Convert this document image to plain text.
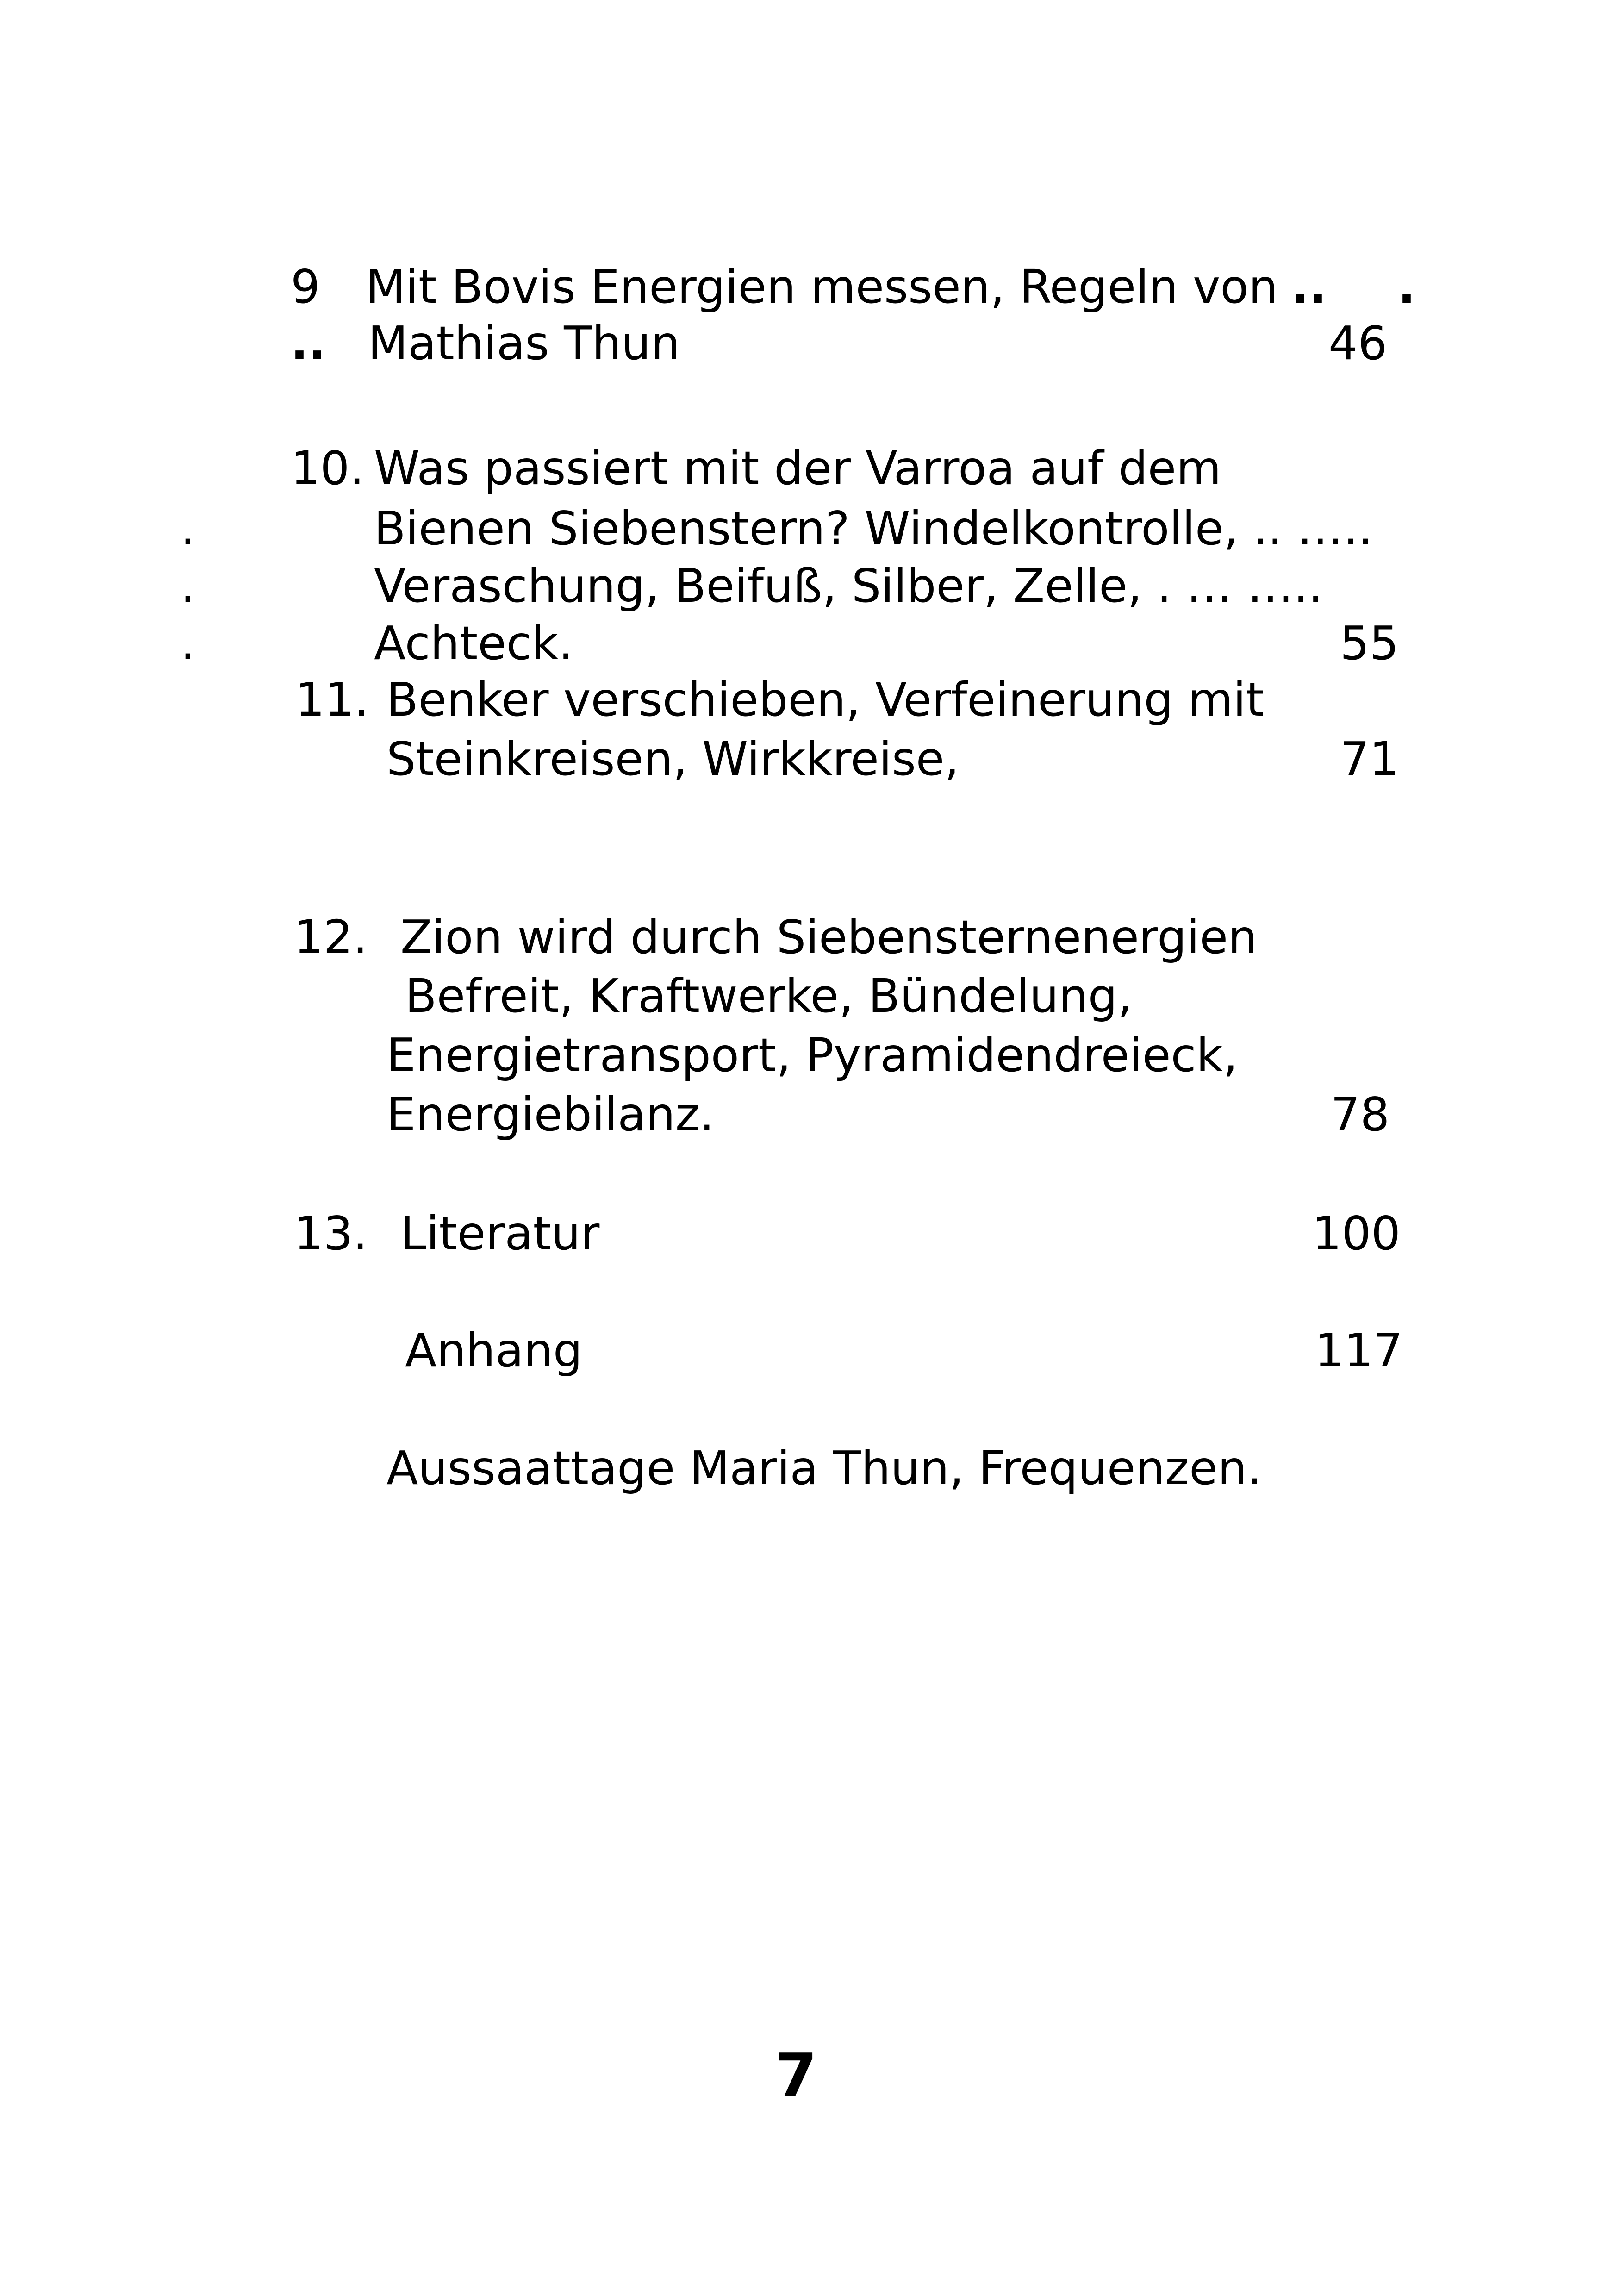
9 Mit Bovis Energien messen, Regeln von .. .
.. Mathias Thun	46
10. Was passiert mit der Varroa auf dem
.	Bienen Siebenstern? Windelkontrolle, .. …..
.	Veraschung, Beifuß, Silber, Zelle, . … …..
.	Achteck.	55
11. Benker verschieben, Verfeinerung mit
Steinkreisen, Wirkkreise,	71
12. Zion wird durch Siebensternenergien
Befreit, Kraftwerke, Bündelung,
Energietransport, Pyramidendreieck,
Energiebilanz.	78
13. Literatur	100
Anhang	117
Aussaattage Maria Thun, Frequenzen.
7
